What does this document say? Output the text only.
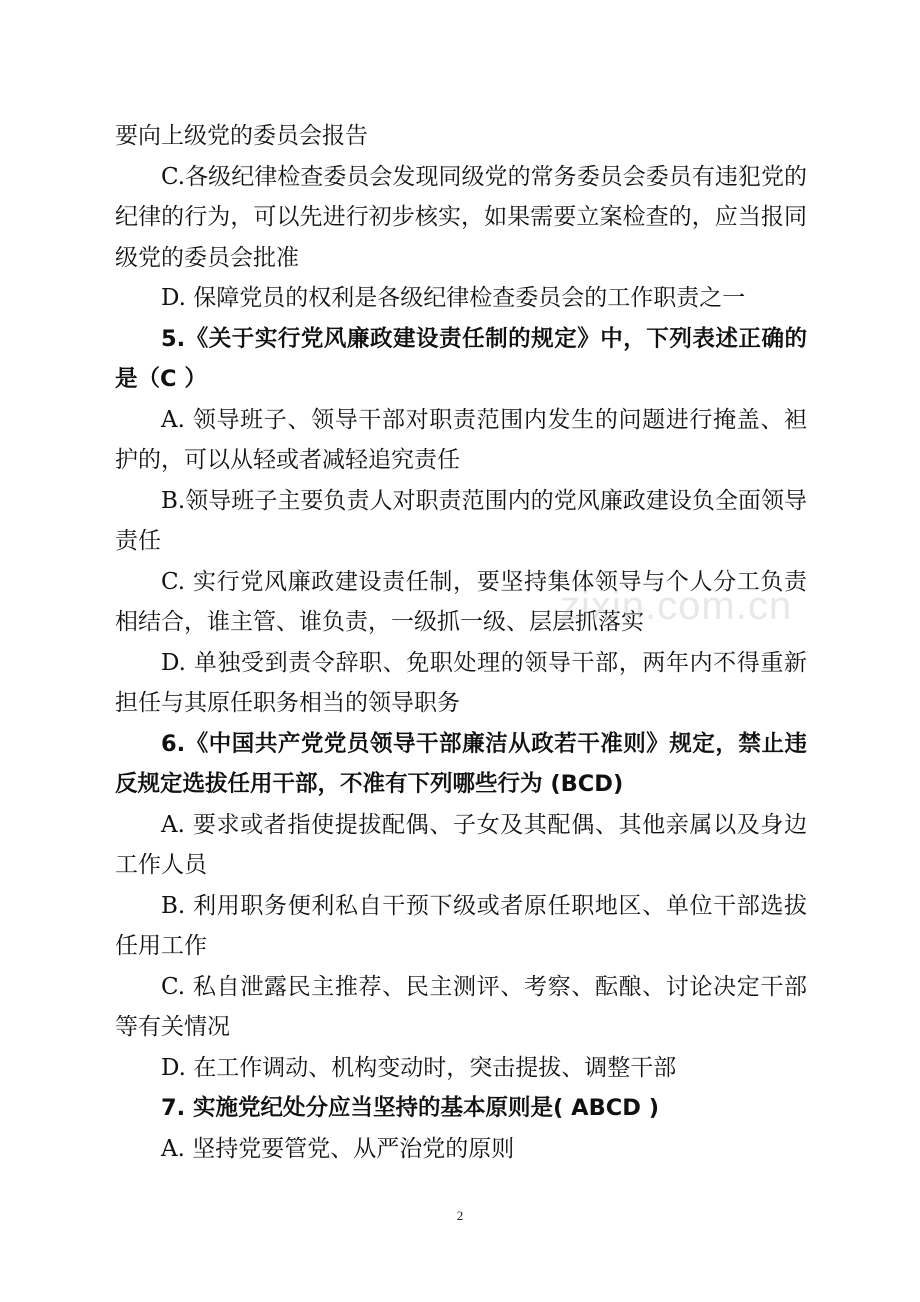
要向上级党的委员会报告

C.各级纪律检查委员会发现同级党的常务委员会委员有违犯党的纪律的行为，可以先进行初步核实，如果需要立案检查的，应当报同级党的委员会批准

D. 保障党员的权利是各级纪律检查委员会的工作职责之一

5.《关于实行党风廉政建设责任制的规定》中，下列表述正确的是（C ）

A. 领导班子、领导干部对职责范围内发生的问题进行掩盖、袒护的，可以从轻或者减轻追究责任

B.领导班子主要负责人对职责范围内的党风廉政建设负全面领导责任

C. 实行党风廉政建设责任制，要坚持集体领导与个人分工负责相结合，谁主管、谁负责，一级抓一级、层层抓落实

D. 单独受到责令辞职、免职处理的领导干部，两年内不得重新担任与其原任职务相当的领导职务

6.《中国共产党党员领导干部廉洁从政若干准则》规定，禁止违反规定选拔任用干部，不准有下列哪些行为 (BCD)

A. 要求或者指使提拔配偶、子女及其配偶、其他亲属以及身边工作人员

B. 利用职务便利私自干预下级或者原任职地区、单位干部选拔任用工作

C. 私自泄露民主推荐、民主测评、考察、酝酿、讨论决定干部等有关情况

D. 在工作调动、机构变动时，突击提拔、调整干部

7. 实施党纪处分应当坚持的基本原则是( ABCD )

A. 坚持党要管党、从严治党的原则

zixin.com.cn
2
